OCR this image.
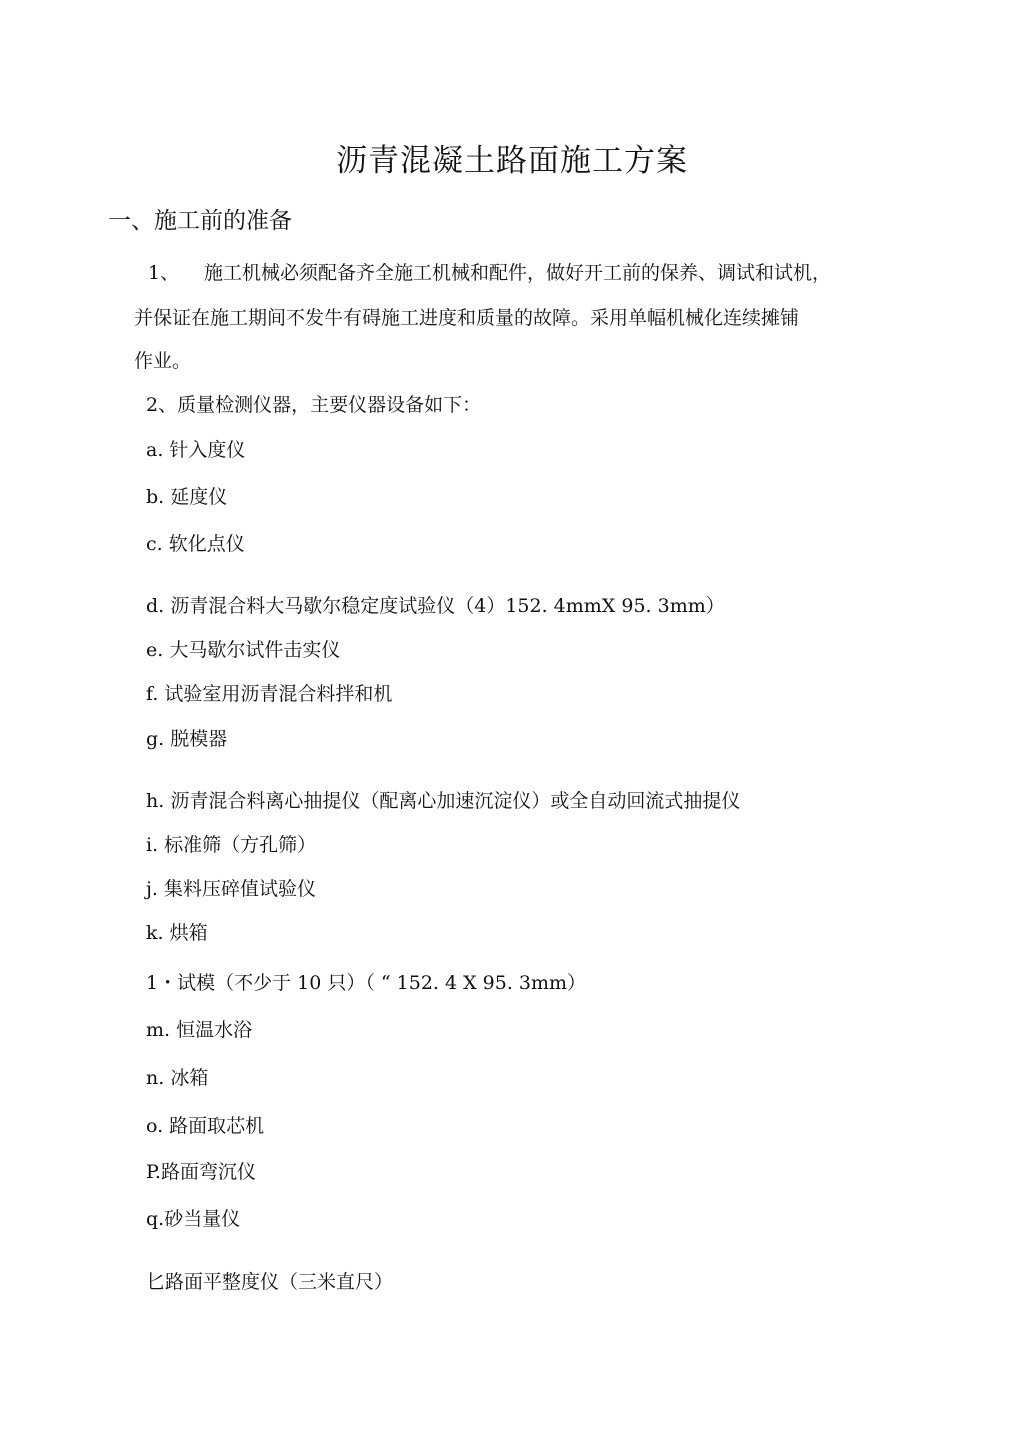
沥青混凝土路面施工方案
一、施工前的准备
1、 施工机械必须配备齐全施工机械和配件，做好开工前的保养、调试和试机，
并保证在施工期间不发牛有碍施工进度和质量的故障。采用单幅机械化连续摊铺
作业。
2、质量检测仪器，主要仪器设备如下：
a. 针入度仪
b. 延度仪
c. 软化点仪
d. 沥青混合料大马歇尔稳定度试验仪（4）152. 4mmX 95. 3mm）
e. 大马歇尔试件击实仪
f. 试验室用沥青混合料拌和机
g. 脱模器
h. 沥青混合料离心抽提仪（配离心加速沉淀仪）或全自动回流式抽提仪
i. 标准筛（方孔筛）
j. 集料压碎值试验仪
k. 烘箱
1・试模（不少于 10 只）（ “ 152. 4 X 95. 3mm）
m. 恒温水浴
n. 冰箱
o. 路面取芯机
P.路面弯沉仪
q.砂当量仪
匕路面平整度仪（三米直尺）
